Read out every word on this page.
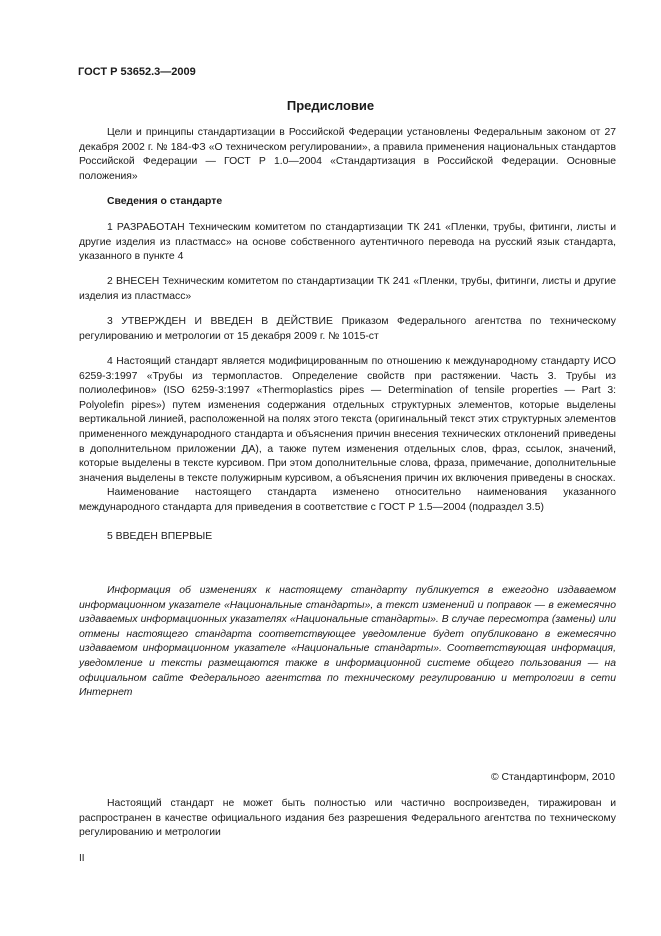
ГОСТ Р 53652.3—2009
Предисловие

Цели и принципы стандартизации в Российской Федерации установлены Федеральным законом от 27 декабря 2002 г. № 184-ФЗ «О техническом регулировании», а правила применения национальных стандартов Российской Федерации — ГОСТ Р 1.0—2004 «Стандартизация в Российской Федерации. Основные положения»

Сведения о стандарте

1 РАЗРАБОТАН Техническим комитетом по стандартизации ТК 241 «Пленки, трубы, фитинги, листы и другие изделия из пластмасс» на основе собственного аутентичного перевода на русский язык стандарта, указанного в пункте 4

2 ВНЕСЕН Техническим комитетом по стандартизации ТК 241 «Пленки, трубы, фитинги, листы и другие изделия из пластмасс»

3 УТВЕРЖДЕН И ВВЕДЕН В ДЕЙСТВИЕ Приказом Федерального агентства по техническому регулированию и метрологии от 15 декабря 2009 г. № 1015-ст

4 Настоящий стандарт является модифицированным по отношению к международному стандарту ИСО 6259-3:1997 «Трубы из термопластов. Определение свойств при растяжении. Часть 3. Трубы из полиолефинов» (ISO 6259-3:1997 «Thermoplastics pipes — Determination of tensile properties — Part 3: Polyolefin pipes») путем изменения содержания отдельных структурных элементов, которые выделены вертикальной линией, расположенной на полях этого текста (оригинальный текст этих структурных элементов примененного международного стандарта и объяснения причин внесения технических отклонений приведены в дополнительном приложении ДА), а также путем изменения отдельных слов, фраз, ссылок, значений, которые выделены в тексте курсивом. При этом дополнительные слова, фраза, примечание, дополнительные значения выделены в тексте полужирным курсивом, а объяснения причин их включения приведены в сносках.

Наименование настоящего стандарта изменено относительно наименования указанного международного стандарта для приведения в соответствие с ГОСТ Р 1.5—2004 (подраздел 3.5)

5 ВВЕДЕН ВПЕРВЫЕ

Информация об изменениях к настоящему стандарту публикуется в ежегодно издаваемом информационном указателе «Национальные стандарты», а текст изменений и поправок — в ежемесячно издаваемых информационных указателях «Национальные стандарты». В случае пересмотра (замены) или отмены настоящего стандарта соответствующее уведомление будет опубликовано в ежемесячно издаваемом информационном указателе «Национальные стандарты». Соответствующая информация, уведомление и тексты размещаются также в информационной системе общего пользования — на официальном сайте Федерального агентства по техническому регулированию и метрологии в сети Интернет

© Стандартинформ, 2010

Настоящий стандарт не может быть полностью или частично воспроизведен, тиражирован и распространен в качестве официального издания без разрешения Федерального агентства по техническому регулированию и метрологии

II
